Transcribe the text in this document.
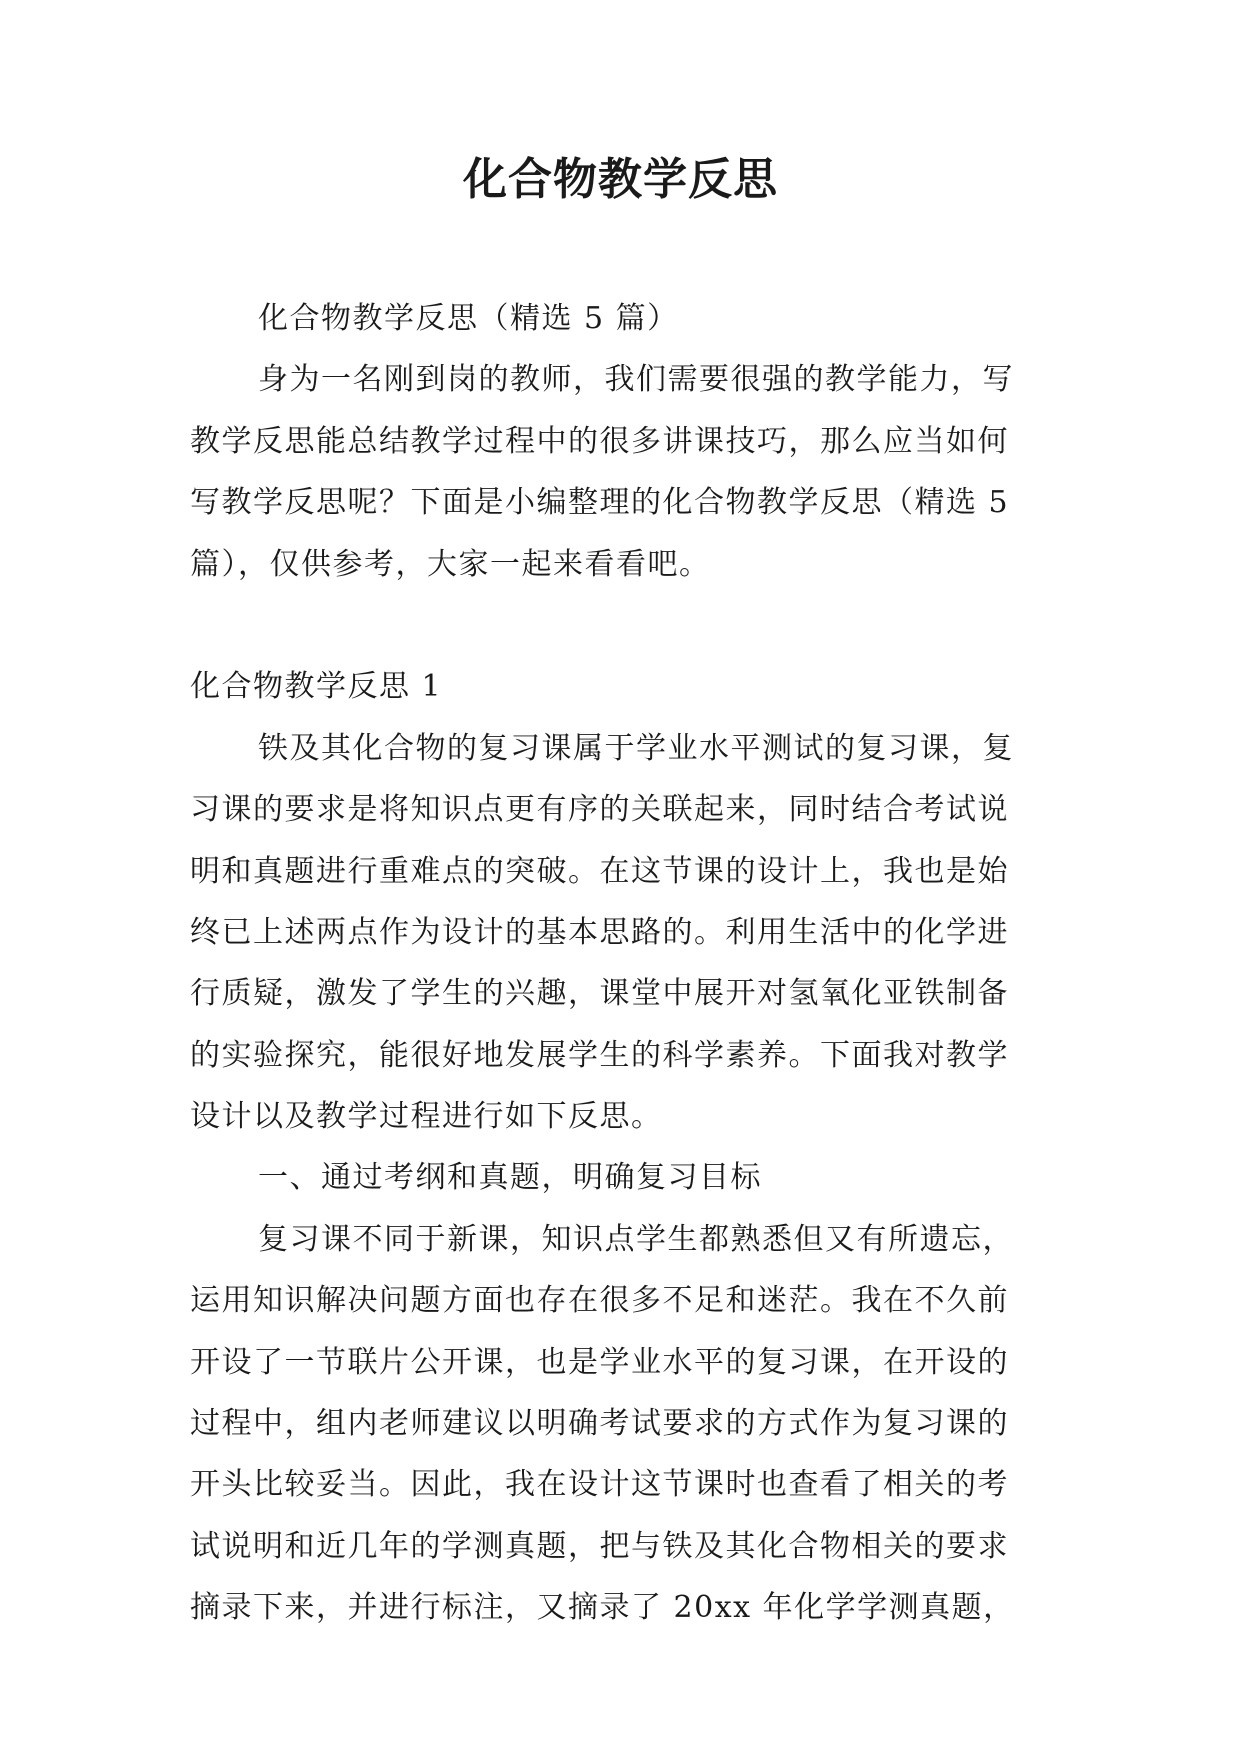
化合物教学反思
化合物教学反思（精选 5 篇）
身为一名刚到岗的教师，我们需要很强的教学能力，写
教学反思能总结教学过程中的很多讲课技巧，那么应当如何
写教学反思呢？下面是小编整理的化合物教学反思（精选 5
篇），仅供参考，大家一起来看看吧。
化合物教学反思 1
铁及其化合物的复习课属于学业水平测试的复习课，复
习课的要求是将知识点更有序的关联起来，同时结合考试说
明和真题进行重难点的突破。在这节课的设计上，我也是始
终已上述两点作为设计的基本思路的。利用生活中的化学进
行质疑，激发了学生的兴趣，课堂中展开对氢氧化亚铁制备
的实验探究，能很好地发展学生的科学素养。下面我对教学
设计以及教学过程进行如下反思。
一、通过考纲和真题，明确复习目标
复习课不同于新课，知识点学生都熟悉但又有所遗忘，
运用知识解决问题方面也存在很多不足和迷茫。我在不久前
开设了一节联片公开课，也是学业水平的复习课，在开设的
过程中，组内老师建议以明确考试要求的方式作为复习课的
开头比较妥当。因此，我在设计这节课时也查看了相关的考
试说明和近几年的学测真题，把与铁及其化合物相关的要求
摘录下来，并进行标注，又摘录了 20xx 年化学学测真题，
